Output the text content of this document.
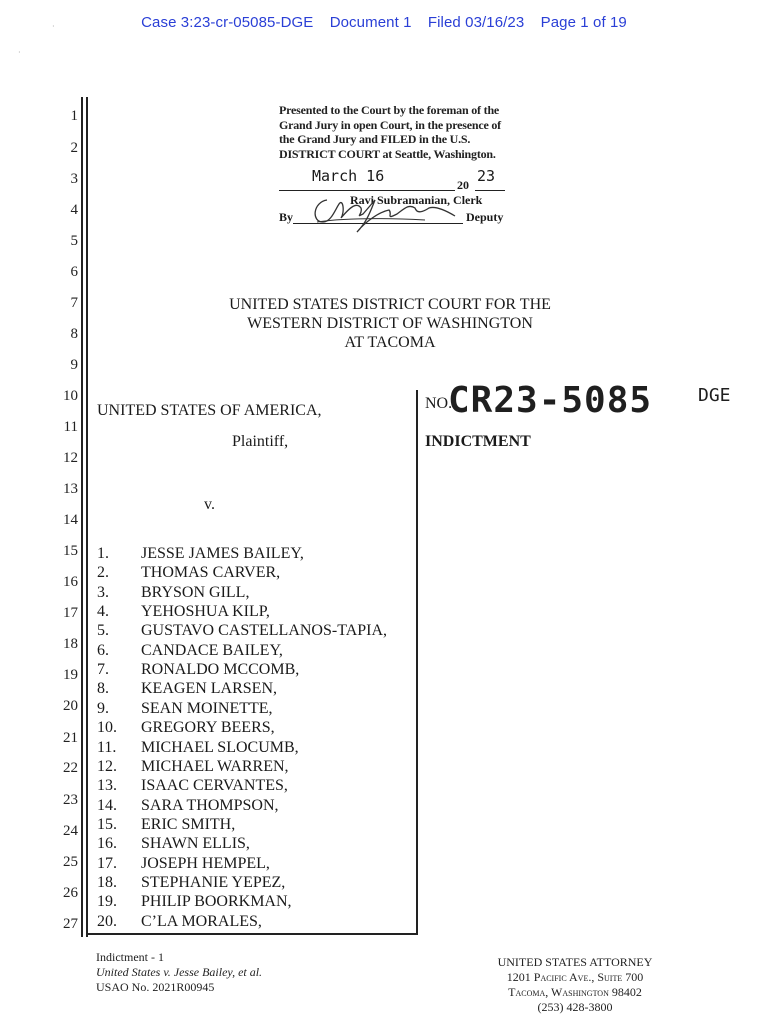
Case 3:23-cr-05085-DGE Document 1 Filed 03/16/23 Page 1 of 19
·
·
1
2
3
4
5
6
7
8
9
10
11
12
13
14
15
16
17
18
19
20
21
22
23
24
25
26
27
Presented to the Court by the foreman of the
Grand Jury in open Court, in the presence of
the Grand Jury and FILED in the U.S.
DISTRICT COURT at Seattle, Washington.
March 16	20 23
Ravi Subramanian, Clerk
By	Deputy
UNITED STATES DISTRICT COURT FOR THE
WESTERN DISTRICT OF WASHINGTON
AT TACOMA
UNITED STATES OF AMERICA,
Plaintiff,
v.
NO.
CR23-5085	DGE
INDICTMENT
1. JESSE JAMES BAILEY,
2. THOMAS CARVER,
3. BRYSON GILL,
4. YEHOSHUA KILP,
5. GUSTAVO CASTELLANOS-TAPIA,
6. CANDACE BAILEY,
7. RONALDO MCCOMB,
8. KEAGEN LARSEN,
9. SEAN MOINETTE,
10. GREGORY BEERS,
11. MICHAEL SLOCUMB,
12. MICHAEL WARREN,
13. ISAAC CERVANTES,
14. SARA THOMPSON,
15. ERIC SMITH,
16. SHAWN ELLIS,
17. JOSEPH HEMPEL,
18. STEPHANIE YEPEZ,
19. PHILIP BOORKMAN,
20. C’LA MORALES,
Indictment - 1
United States v. Jesse Bailey, et al.
USAO No. 2021R00945
UNITED STATES ATTORNEY
1201 Pacific Ave., Suite 700
Tacoma, Washington 98402
(253) 428-3800
